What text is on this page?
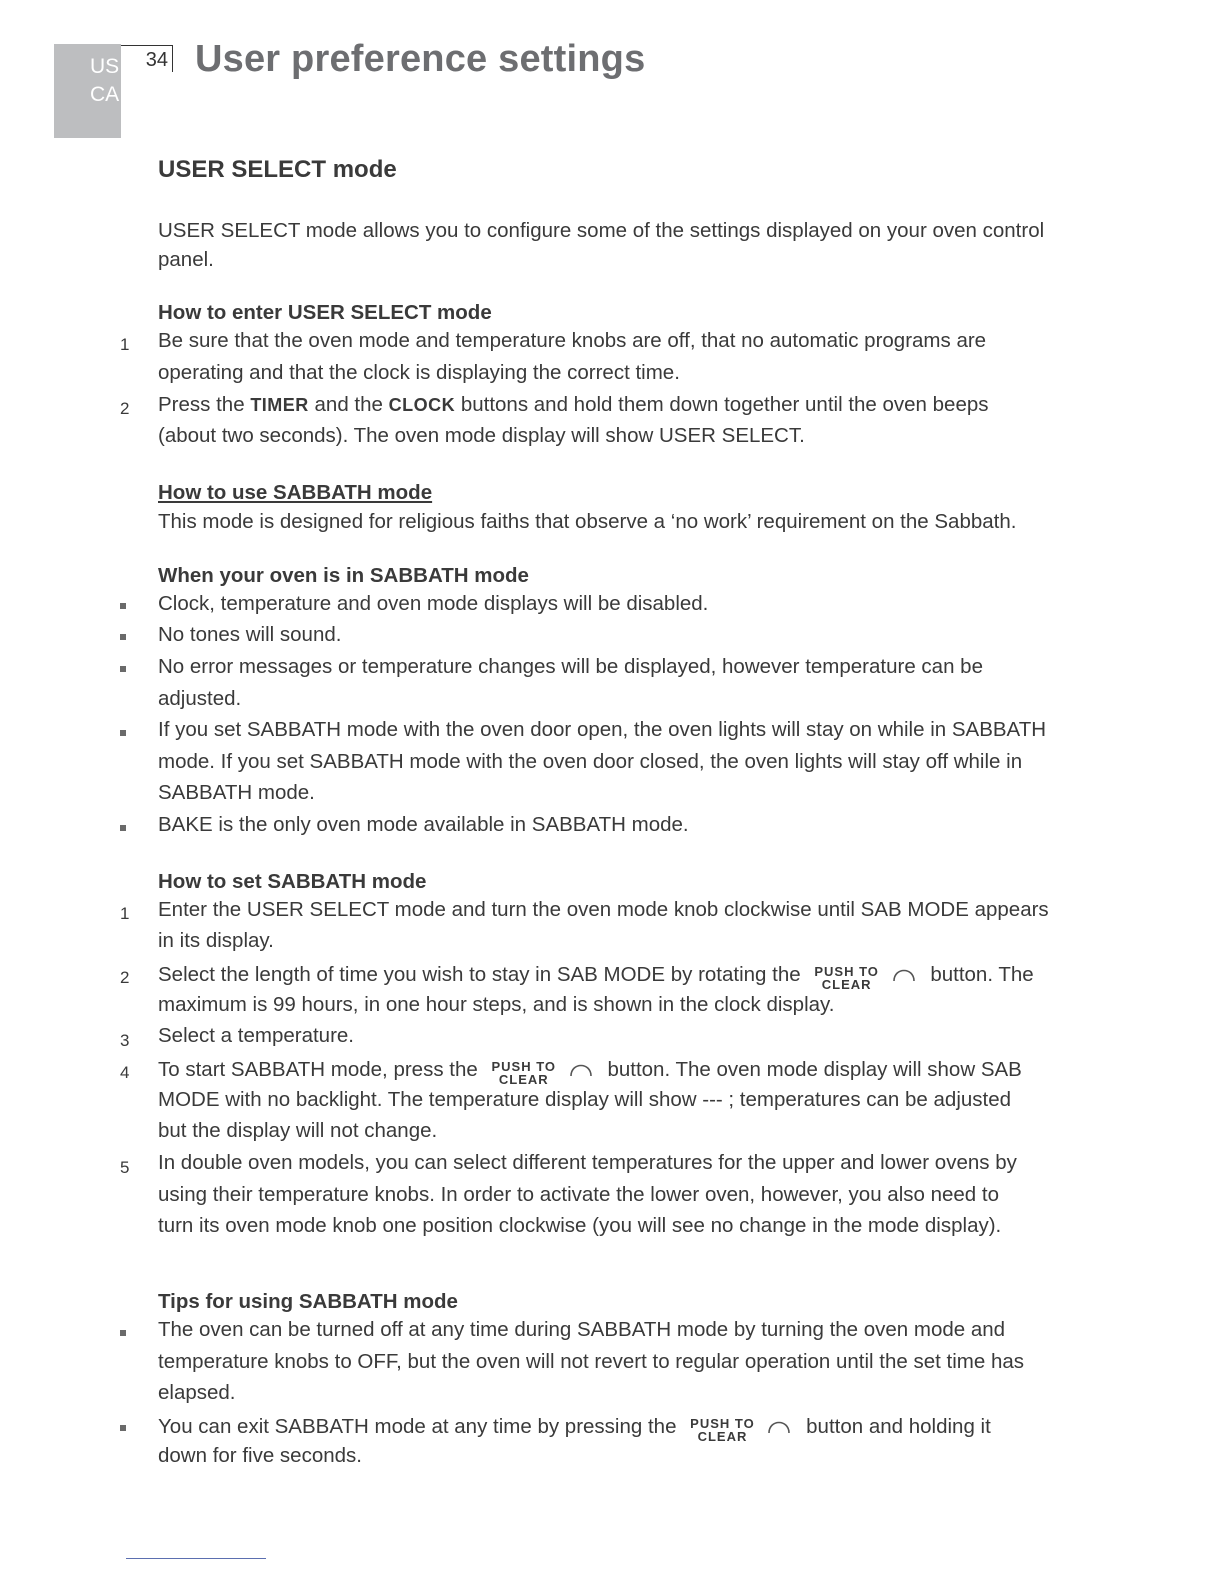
US
CA
34 User preference settings
USER SELECT mode
USER SELECT mode allows you to configure some of the settings displayed on your oven control
panel.
How to enter USER SELECT mode
1 Be sure that the oven mode and temperature knobs are off, that no automatic programs are
operating and that the clock is displaying the correct time.
2 Press the TIMER and the CLOCK buttons and hold them down together until the oven beeps
(about two seconds). The oven mode display will show USER SELECT.
How to use SABBATH mode
This mode is designed for religious faiths that observe a ‘no work’ requirement on the Sabbath.
When your oven is in SABBATH mode
Clock, temperature and oven mode displays will be disabled.
No tones will sound.
No error messages or temperature changes will be displayed, however temperature can be
adjusted.
If you set SABBATH mode with the oven door open, the oven lights will stay on while in SABBATH
mode. If you set SABBATH mode with the oven door closed, the oven lights will stay off while in
SABBATH mode.
BAKE is the only oven mode available in SABBATH mode.
How to set SABBATH mode
1 Enter the USER SELECT mode and turn the oven mode knob clockwise until SAB MODE appears
in its display.
2 Select the length of time you wish to stay in SAB MODE by rotating the PUSH TO
CLEAR	button. The
maximum is 99 hours, in one hour steps, and is shown in the clock display.
3 Select a temperature.
4 To start SABBATH mode, press the PUSH TO
CLEAR	button. The oven mode display will show SAB
MODE with no backlight. The temperature display will show --- ; temperatures can be adjusted
but the display will not change.
5 In double oven models, you can select different temperatures for the upper and lower ovens by
using their temperature knobs. In order to activate the lower oven, however, you also need to
turn its oven mode knob one position clockwise (you will see no change in the mode display).
Tips for using SABBATH mode
The oven can be turned off at any time during SABBATH mode by turning the oven mode and
temperature knobs to OFF, but the oven will not revert to regular operation until the set time has
elapsed.
You can exit SABBATH mode at any time by pressing the PUSH TO
CLEAR	button and holding it
down for five seconds.
